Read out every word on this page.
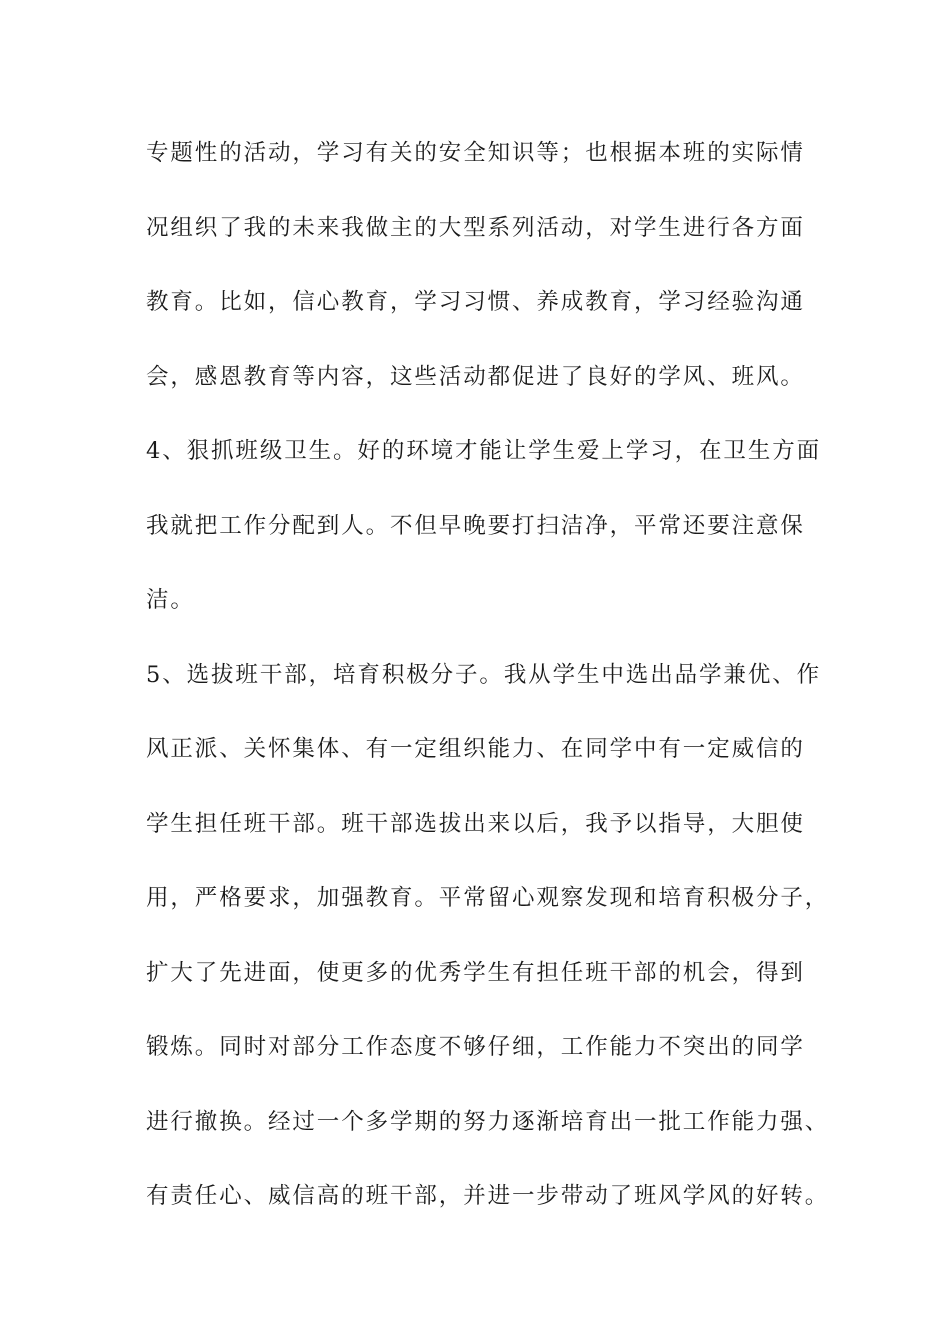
专题性的活动，学习有关的安全知识等；也根据本班的实际情
况组织了我的未来我做主的大型系列活动，对学生进行各方面
教育。比如，信心教育，学习习惯、养成教育，学习经验沟通
会，感恩教育等内容，这些活动都促进了良好的学风、班风。
4、狠抓班级卫生。好的环境才能让学生爱上学习，在卫生方面
我就把工作分配到人。不但早晚要打扫洁净，平常还要注意保
洁。
5、选拔班干部，培育积极分子。我从学生中选出品学兼优、作
风正派、关怀集体、有一定组织能力、在同学中有一定威信的
学生担任班干部。班干部选拔出来以后，我予以指导，大胆使
用，严格要求，加强教育。平常留心观察发现和培育积极分子，
扩大了先进面，使更多的优秀学生有担任班干部的机会，得到
锻炼。同时对部分工作态度不够仔细，工作能力不突出的同学
进行撤换。经过一个多学期的努力逐渐培育出一批工作能力强、
有责任心、威信高的班干部，并进一步带动了班风学风的好转。
